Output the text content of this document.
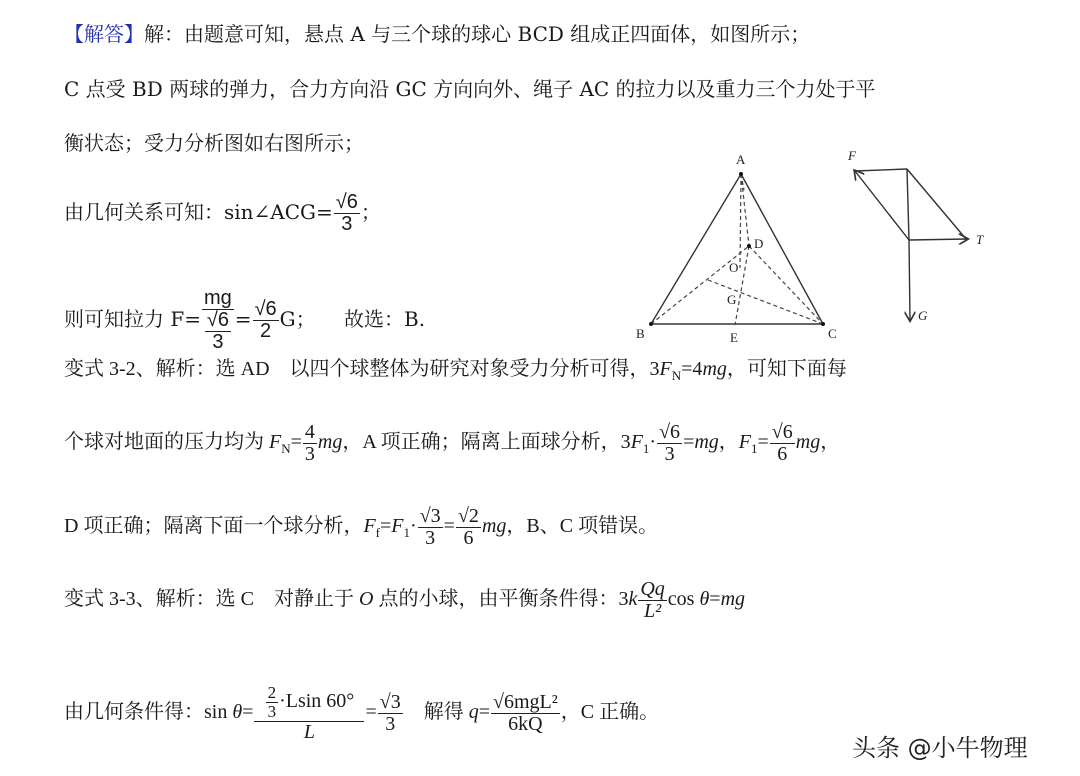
【解答】解：由题意可知，悬点 A 与三个球的球心 BCD 组成正四面体，如图所示；
C 点受 BD 两球的弹力，合力方向沿 GC 方向向外、绳子 AC 的拉力以及重力三个力处于平
衡状态；受力分析图如右图所示；
由几何关系可知：sin∠ACG= $\frac{√6}{3}$ ；
则可知拉力 $F= \frac{mg}{\frac{√6}{3}} = \frac{√6}{2}$ G； 故选：B.
A
B	C
D
E
O
G
F
T
G
变式 3-2、解析：选 AD　以四个球整体为研究对象受力分析可得，$3F_N=4mg$，可知下面每
个球对地面的压力均为 $F_N= \frac{4}{3}$ mg，A 项正确；隔离上面球分析，$3F_1\cdot \frac{√6}{3} =mg$，$F_1= \frac{√6}{6}$ mg，
D 项正确；隔离下面一个球分析，$F_f=F_1\cdot \frac{√3}{3} = \frac{√2}{6}$ mg，B、C 项错误。
变式 3-3、解析：选 C　对静止于 O 点的小球，由平衡条件得：$3k \frac{Qq}{\text{L²}}$ cos θ=mg
由几何条件得：$\sin \theta= \frac{\frac{2}{3} \cdot Lsin 60^\circ}{L} = \frac{√3}{3}$ 　解得 $q= \frac{\text{√6mgL²}}{6kQ}$ ，C 正确。
头条 @小牛物理
